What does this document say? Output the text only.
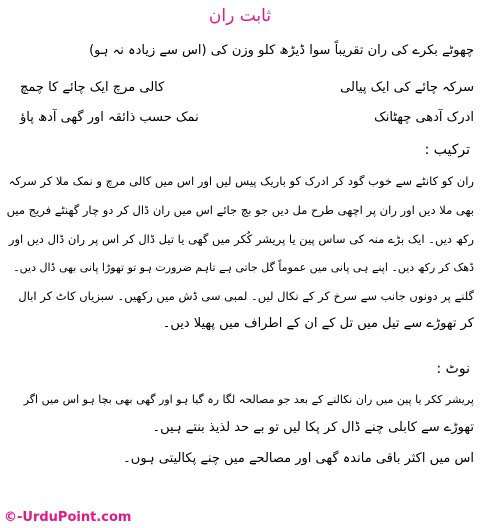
ثابت ران
چھوٹے بکرے کی ران تقریباً سوا ڈیڑھ کلو وزن کی (اس سے زیادہ نہ ہو)
سرکہ چائے کی ایک پیالی
کالی مرچ ایک چائے کا چمچ
ادرک آدھی چھٹانک
نمک حسب ذائقہ اور گھی آدھ پاؤ
ترکیب :
ران کو کانٹے سے خوب گود کر ادرک کو باریک پیس لیں اور اس میں کالی مرچ و نمک ملا کر سرکہ
بھی ملا دیں اور ران پر اچھی طرح مل دیں جو بچ جائے اس میں ران ڈال کر دو چار گھنٹے فریج میں
رکھ دیں۔ ایک بڑے منہ کی ساس پین یا پریشر کُکر میں گھی یا تیل ڈال کر اس پر ران ڈال دیں اور
ڈھک کر رکھ دیں۔ اپنے ہی پانی میں عموماً گل جاتی ہے تاہم ضرورت ہو تو تھوڑا پانی بھی ڈال دیں۔
گلنے پر دونوں جانب سے سرخ کر کے نکال لیں۔ لمبی سی ڈش میں رکھیں۔ سبزیاں کاٹ کر ابال
کر تھوڑے سے تیل میں تل کے ان کے اطراف میں پھیلا دیں۔
نوٹ :
پریشر ککر یا پین میں ران نکالنے کے بعد جو مصالحہ لگا رہ گیا ہو اور گھی بھی بچا ہو اس میں اگر
تھوڑے سے کابلی چنے ڈال کر پکا لیں تو بے حد لذیذ بنتے ہیں۔
اس میں اکثر باقی ماندہ گھی اور مصالحے میں چنے پکالیتی ہوں۔
©-UrduPoint.com
